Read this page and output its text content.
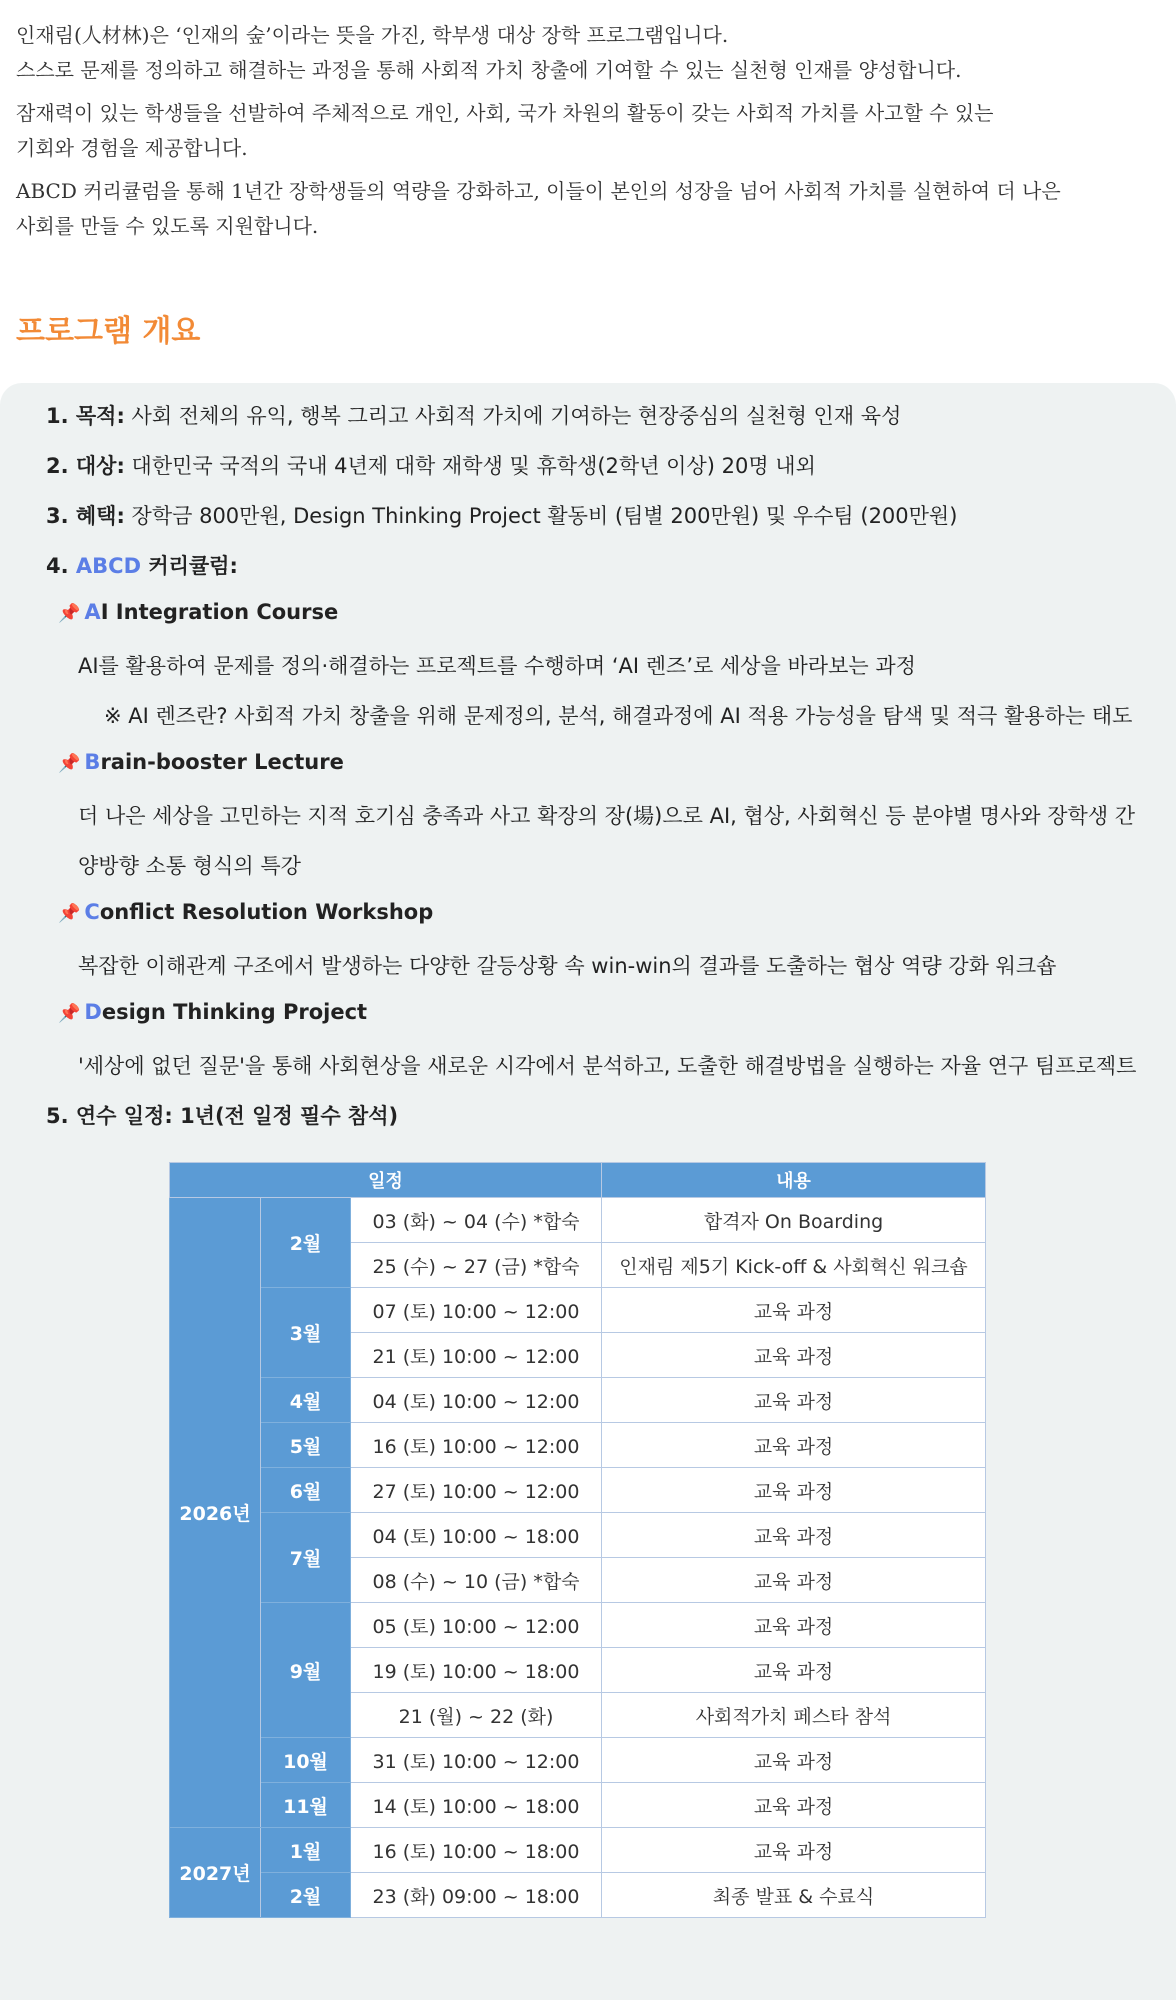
인재림(人材林)은 ‘인재의 숲’이라는 뜻을 가진, 학부생 대상 장학 프로그램입니다.
스스로 문제를 정의하고 해결하는 과정을 통해 사회적 가치 창출에 기여할 수 있는 실천형 인재를 양성합니다.

잠재력이 있는 학생들을 선발하여 주체적으로 개인, 사회, 국가 차원의 활동이 갖는 사회적 가치를 사고할 수 있는
기회와 경험을 제공합니다.

ABCD 커리큘럼을 통해 1년간 장학생들의 역량을 강화하고, 이들이 본인의 성장을 넘어 사회적 가치를 실현하여 더 나은
사회를 만들 수 있도록 지원합니다.

프로그램 개요
1. 목적: 사회 전체의 유익, 행복 그리고 사회적 가치에 기여하는 현장중심의 실천형 인재 육성
2. 대상: 대한민국 국적의 국내 4년제 대학 재학생 및 휴학생(2학년 이상) 20명 내외
3. 혜택: 장학금 800만원, Design Thinking Project 활동비 (팀별 200만원) 및 우수팀 (200만원)
4. ABCD 커리큘럼:
📌 AI Integration Course
AI를 활용하여 문제를 정의·해결하는 프로젝트를 수행하며 ‘AI 렌즈’로 세상을 바라보는 과정
※ AI 렌즈란? 사회적 가치 창출을 위해 문제정의, 분석, 해결과정에 AI 적용 가능성을 탐색 및 적극 활용하는 태도
📌 Brain-booster Lecture
더 나은 세상을 고민하는 지적 호기심 충족과 사고 확장의 장(場)으로 AI, 협상, 사회혁신 등 분야별 명사와 장학생 간
양방향 소통 형식의 특강
📌 Conflict Resolution Workshop
복잡한 이해관계 구조에서 발생하는 다양한 갈등상황 속 win-win의 결과를 도출하는 협상 역량 강화 워크숍
📌 Design Thinking Project
'세상에 없던 질문'을 통해 사회현상을 새로운 시각에서 분석하고, 도출한 해결방법을 실행하는 자율 연구 팀프로젝트
5. 연수 일정: 1년(전 일정 필수 참석)
일정			내용
2026년	2월	03 (화) ~ 04 (수) *합숙	합격자 On Boarding
		25 (수) ~ 27 (금) *합숙	인재림 제5기 Kick-off & 사회혁신 워크숍
	3월	07 (토) 10:00 ~ 12:00	교육 과정
		21 (토) 10:00 ~ 12:00	교육 과정
	4월	04 (토) 10:00 ~ 12:00	교육 과정
	5월	16 (토) 10:00 ~ 12:00	교육 과정
	6월	27 (토) 10:00 ~ 12:00	교육 과정
	7월	04 (토) 10:00 ~ 18:00	교육 과정
		08 (수) ~ 10 (금) *합숙	교육 과정
	9월	05 (토) 10:00 ~ 12:00	교육 과정
		19 (토) 10:00 ~ 18:00	교육 과정
		21 (월) ~ 22 (화)	사회적가치 페스타 참석
	10월	31 (토) 10:00 ~ 12:00	교육 과정
	11월	14 (토) 10:00 ~ 18:00	교육 과정
2027년	1월	16 (토) 10:00 ~ 18:00	교육 과정
	2월	23 (화) 09:00 ~ 18:00	최종 발표 & 수료식
